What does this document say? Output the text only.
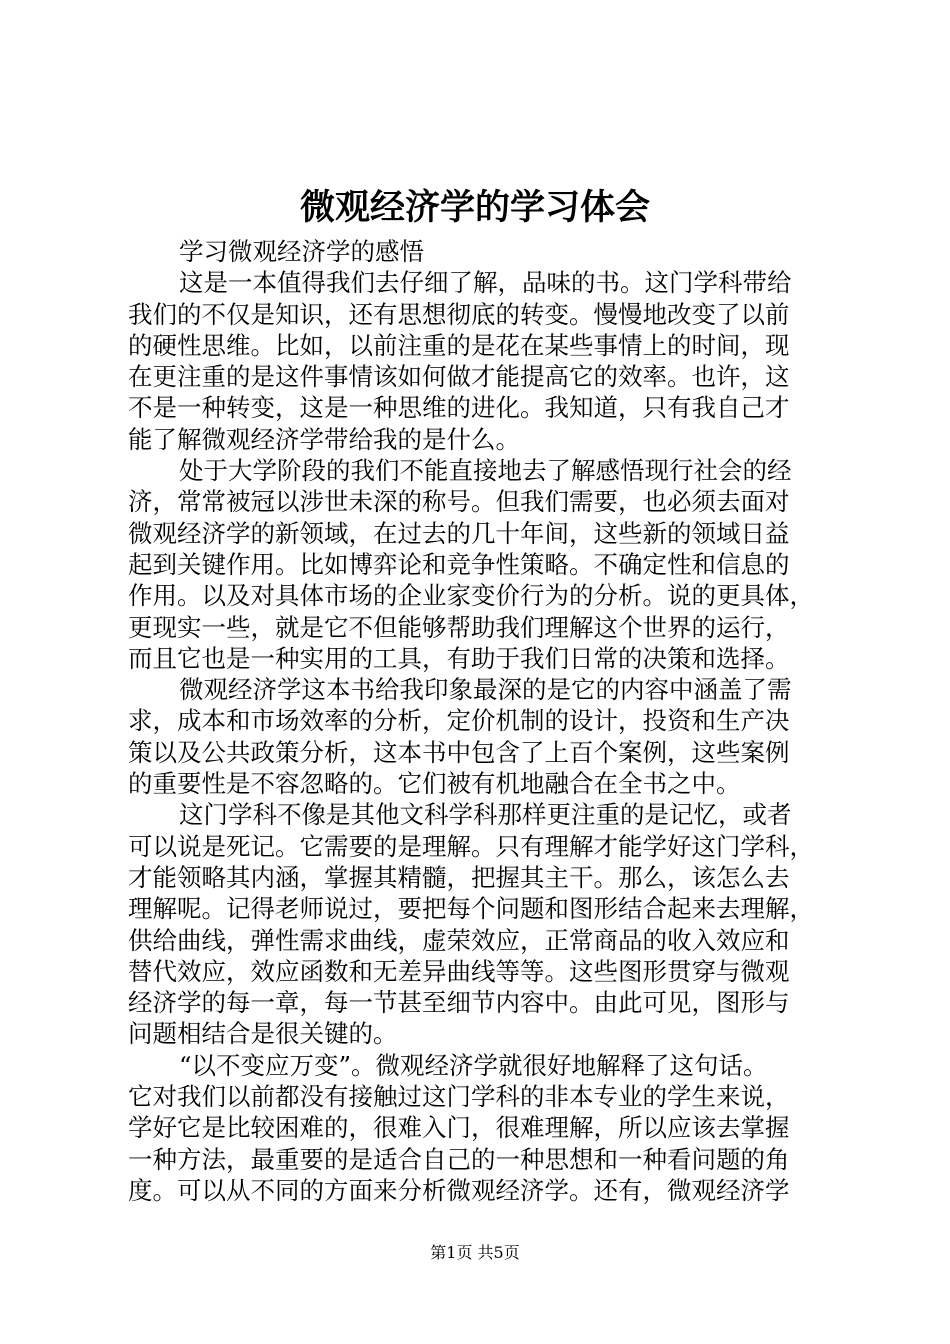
微观经济学的学习体会
学习微观经济学的感悟
这是一本值得我们去仔细了解，品味的书。这门学科带给
我们的不仅是知识，还有思想彻底的转变。慢慢地改变了以前
的硬性思维。比如，以前注重的是花在某些事情上的时间，现
在更注重的是这件事情该如何做才能提高它的效率。也许，这
不是一种转变，这是一种思维的进化。我知道，只有我自己才
能了解微观经济学带给我的是什么。
处于大学阶段的我们不能直接地去了解感悟现行社会的经
济，常常被冠以涉世未深的称号。但我们需要，也必须去面对
微观经济学的新领域，在过去的几十年间，这些新的领域日益
起到关键作用。比如博弈论和竞争性策略。不确定性和信息的
作用。以及对具体市场的企业家变价行为的分析。说的更具体，
更现实一些，就是它不但能够帮助我们理解这个世界的运行，
而且它也是一种实用的工具，有助于我们日常的决策和选择。
微观经济学这本书给我印象最深的是它的内容中涵盖了需
求，成本和市场效率的分析，定价机制的设计，投资和生产决
策以及公共政策分析，这本书中包含了上百个案例，这些案例
的重要性是不容忽略的。它们被有机地融合在全书之中。
这门学科不像是其他文科学科那样更注重的是记忆，或者
可以说是死记。它需要的是理解。只有理解才能学好这门学科，
才能领略其内涵，掌握其精髓，把握其主干。那么，该怎么去
理解呢。记得老师说过，要把每个问题和图形结合起来去理解，
供给曲线，弹性需求曲线，虚荣效应，正常商品的收入效应和
替代效应，效应函数和无差异曲线等等。这些图形贯穿与微观
经济学的每一章，每一节甚至细节内容中。由此可见，图形与
问题相结合是很关键的。
“以不变应万变”。微观经济学就很好地解释了这句话。
它对我们以前都没有接触过这门学科的非本专业的学生来说，
学好它是比较困难的，很难入门，很难理解，所以应该去掌握
一种方法，最重要的是适合自己的一种思想和一种看问题的角
度。可以从不同的方面来分析微观经济学。还有，微观经济学
第1页 共5页
